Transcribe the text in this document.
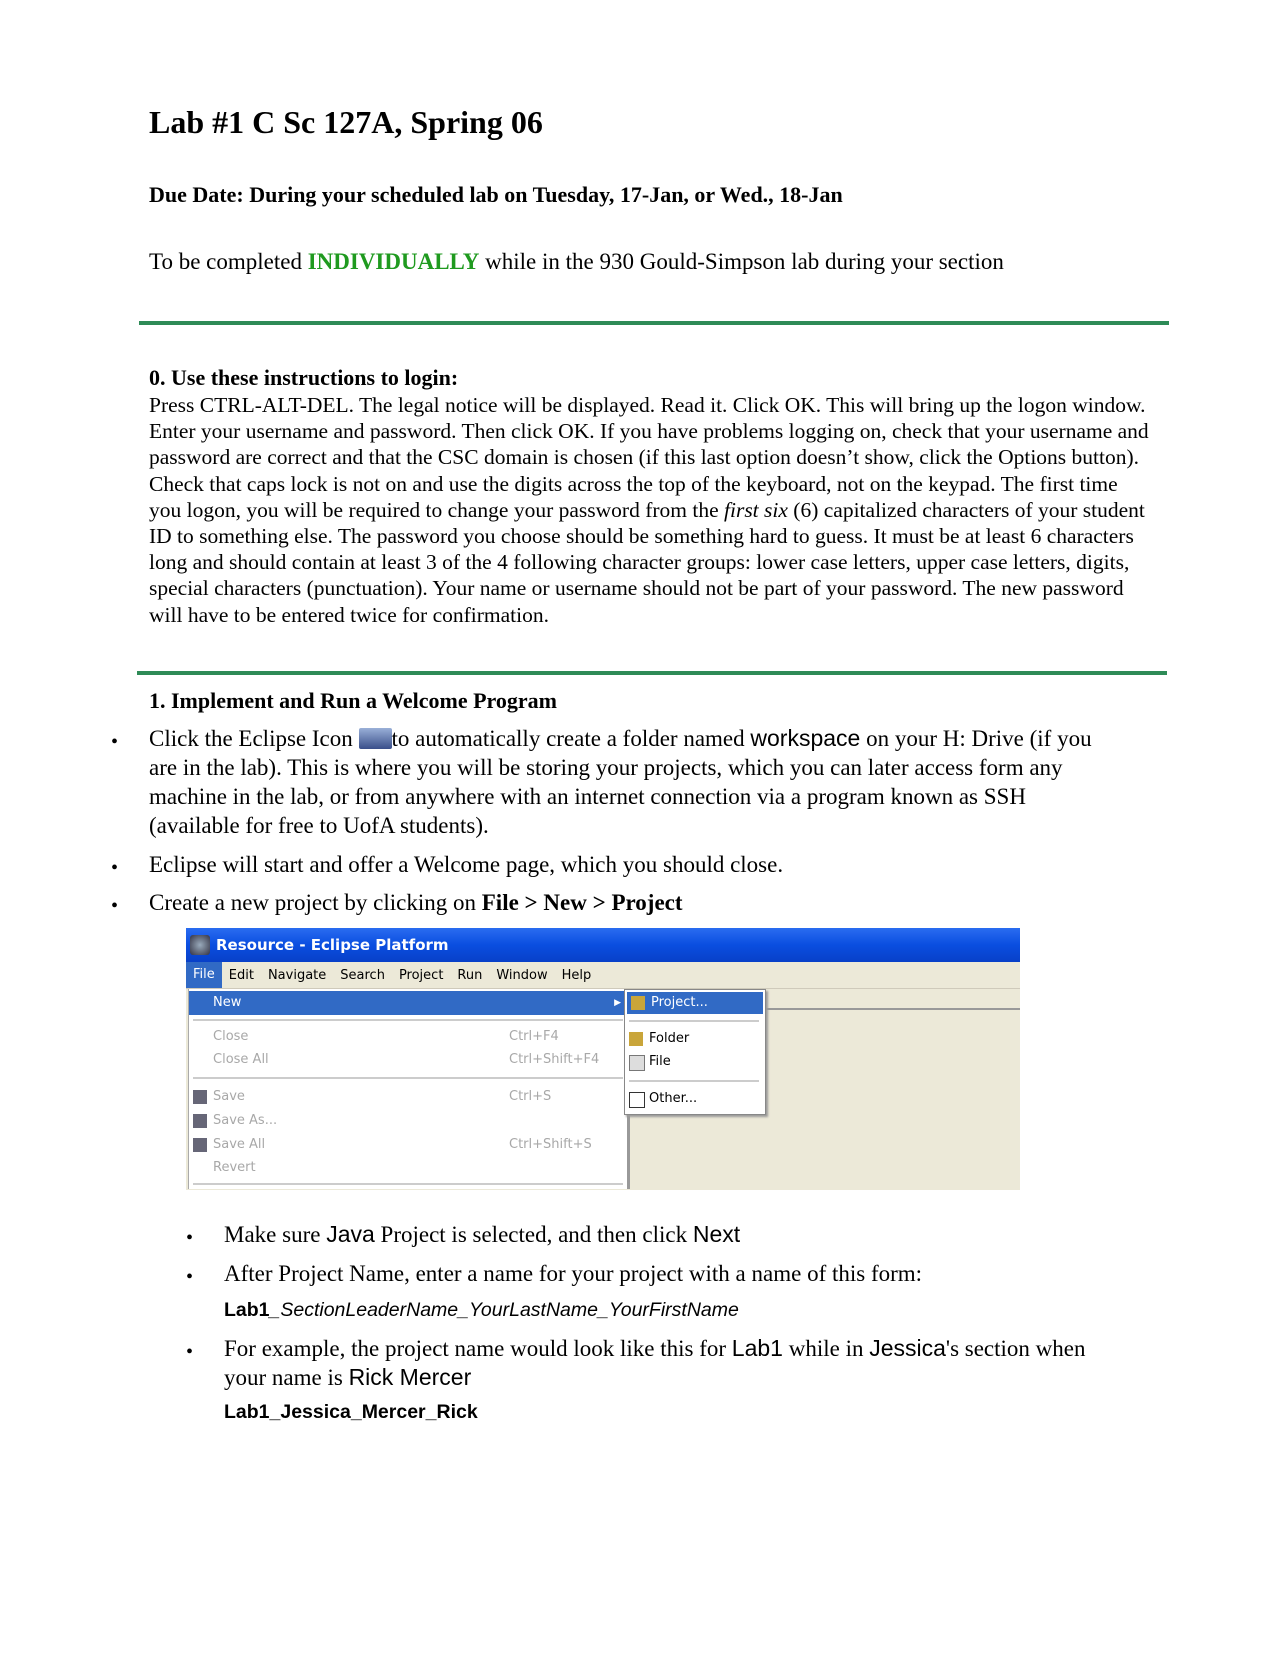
Lab #1 C Sc 127A, Spring 06
Due Date: During your scheduled lab on Tuesday, 17-Jan, or Wed., 18-Jan
To be completed INDIVIDUALLY while in the 930 Gould-Simpson lab during your section
0. Use these instructions to login:
Press CTRL-ALT-DEL. The legal notice will be displayed. Read it. Click OK. This will bring up the logon window. Enter your username and password. Then click OK. If you have problems logging on, check that your username and password are correct and that the CSC domain is chosen (if this last option doesn’t show, click the Options button). Check that caps lock is not on and use the digits across the top of the keyboard, not on the keypad. The first time you logon, you will be required to change your password from the first six (6) capitalized characters of your student ID to something else. The password you choose should be something hard to guess. It must be at least 6 characters long and should contain at least 3 of the 4 following character groups: lower case letters, upper case letters, digits, special characters (punctuation). Your name or username should not be part of your password. The new password will have to be entered twice for confirmation.
1. Implement and Run a Welcome Program
• Click the Eclipse Icon to automatically create a folder named workspace on your H: Drive (if you are in the lab). This is where you will be storing your projects, which you can later access form any machine in the lab, or from anywhere with an internet connection via a program known as SSH (available for free to UofA students).
• Eclipse will start and offer a Welcome page, which you should close.
• Create a new project by clicking on File > New > Project
Resource - Eclipse Platform
File	Edit	Navigate	Search	Project	Run	Window	Help
New	▶
Close	Ctrl+F4
Close All	Ctrl+Shift+F4
Save	Ctrl+S
Save As...
Save All	Ctrl+Shift+S
Revert
Project...
Folder
File
Other...
• Make sure Java Project is selected, and then click Next
• After Project Name, enter a name for your project with a name of this form:
Lab1_SectionLeaderName_YourLastName_YourFirstName
• For example, the project name would look like this for Lab1 while in Jessica's section when your name is Rick Mercer
Lab1_Jessica_Mercer_Rick
